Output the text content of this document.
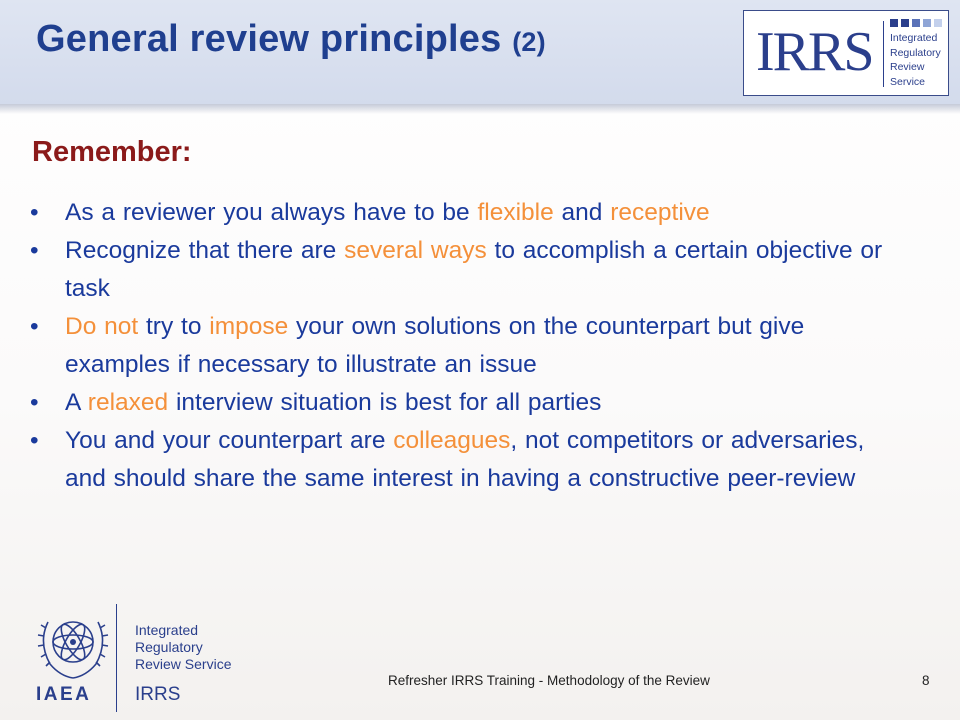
General review principles (2)	IRRS Integrated
Regulatory
Review
Service
Remember:
• As a reviewer you always have to be flexible and receptive
• Recognize that there are several ways to accomplish a certain objective or task
• Do not try to impose your own solutions on the counterpart but give examples if necessary to illustrate an issue
• A relaxed interview situation is best for all parties
• You and your counterpart are colleagues, not competitors or adversaries, and should share the same interest in having a constructive peer-review
IAEA
Integrated
Regulatory
Review Service
IRRS
Refresher IRRS Training - Methodology of the Review	8
